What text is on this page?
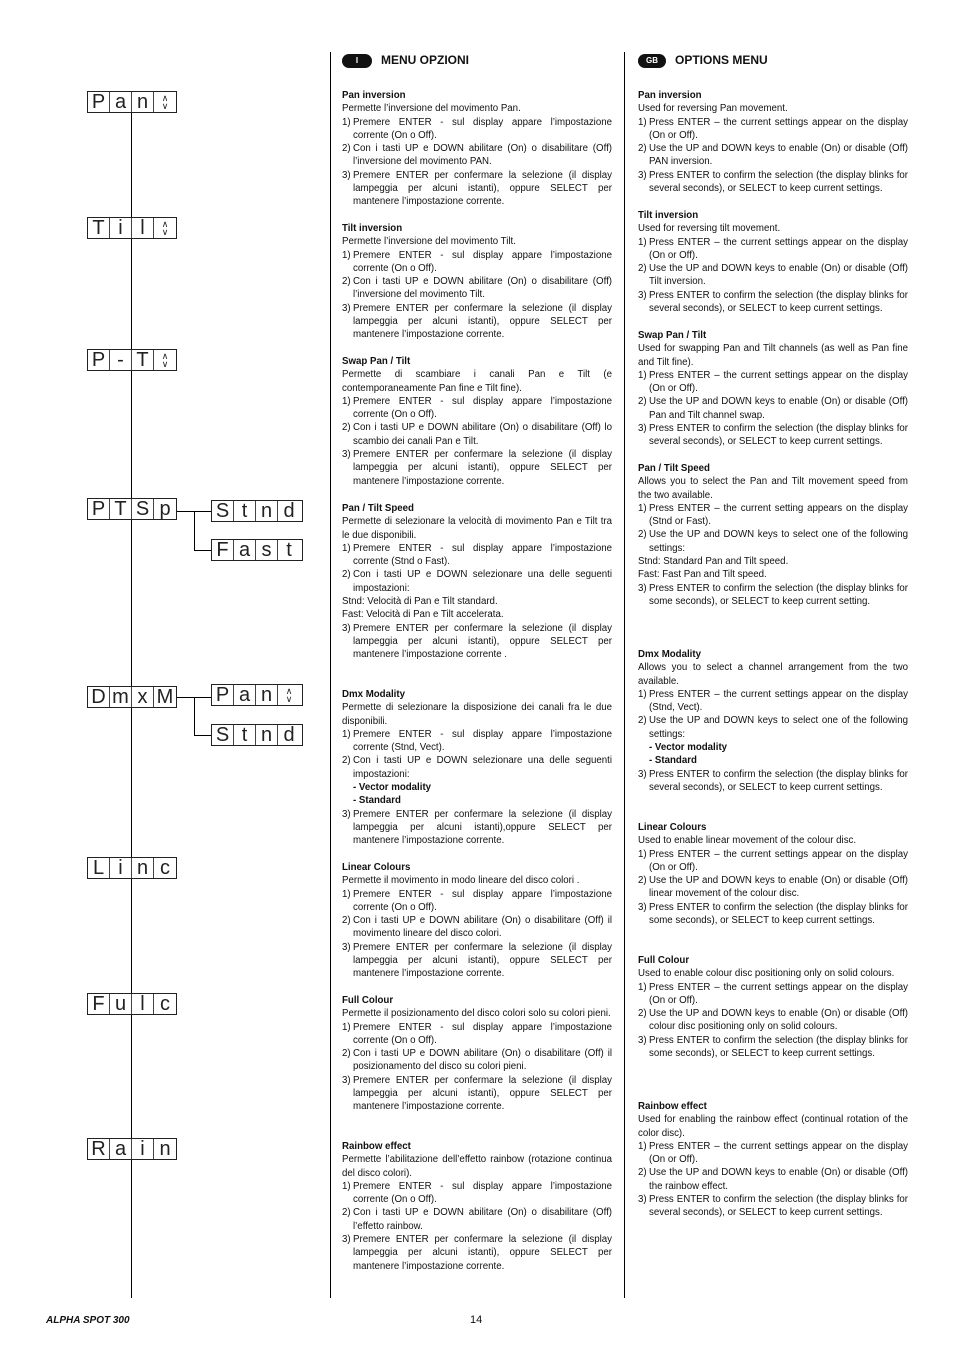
P a n	∧
∨
T i l	∧
∨
P - T	∧
∨
P T S p S t n d
F a s t
D m x M P a n	∧
∨
S t n d
L i n c
F u l c
R a i n
I	MENU OPZIONI
Pan inversion

Permette l’inversione del movimento Pan.

1) Premere ENTER - sul display appare l’impostazione corrente (On o Off).
2) Con i tasti UP e DOWN abilitare (On) o disabilitare (Off) l’inversione del movimento PAN.
3) Premere ENTER per confermare la selezione (il display lampeggia per alcuni istanti), oppure SELECT per mantenere l’impostazione corrente.
Tilt inversion

Permette l’inversione del movimento Tilt.

1) Premere ENTER - sul display appare l’impostazione corrente (On o Off).
2) Con i tasti UP e DOWN abilitare (On) o disabilitare (Off) l’inversione del movimento Tilt.
3) Premere ENTER per confermare la selezione (il display lampeggia per alcuni istanti), oppure SELECT per mantenere l’impostazione corrente.
Swap Pan / Tilt

Permette di scambiare i canali Pan e Tilt (e contemporaneamente Pan fine e Tilt fine).

1) Premere ENTER - sul display appare l’impostazione corrente (On o Off).
2) Con i tasti UP e DOWN abilitare (On) o disabilitare (Off) lo scambio dei canali Pan e Tilt.
3) Premere ENTER per confermare la selezione (il display lampeggia per alcuni istanti), oppure SELECT per mantenere l’impostazione corrente.
Pan / Tilt Speed

Permette di selezionare la velocità di movimento Pan e Tilt tra le due disponibili.

1) Premere ENTER - sul display appare l’impostazione corrente (Stnd o Fast).
2) Con i tasti UP e DOWN selezionare una delle seguenti impostazioni:

Stnd: Velocità di Pan e Tilt standard.

Fast: Velocità di Pan e Tilt accelerata.

3) Premere ENTER per confermare la selezione (il display lampeggia per alcuni istanti), oppure SELECT per mantenere l’impostazione corrente .
Dmx Modality

Permette di selezionare la disposizione dei canali fra le due disponibili.

1) Premere ENTER - sul display appare l’impostazione corrente (Stnd, Vect).
2) Con i tasti UP e DOWN selezionare una delle seguenti impostazioni:
- Vector modality
- Standard
3) Premere ENTER per confermare la selezione (il display lampeggia per alcuni istanti),oppure SELECT per mantenere l’impostazione corrente.
Linear Colours

Permette il movimento in modo lineare del disco colori .

1) Premere ENTER - sul display appare l’impostazione corrente (On o Off).
2) Con i tasti UP e DOWN abilitare (On) o disabilitare (Off) il movimento lineare del disco colori.
3) Premere ENTER per confermare la selezione (il display lampeggia per alcuni istanti), oppure SELECT per mantenere l’impostazione corrente.
Full Colour

Permette il posizionamento del disco colori solo su colori pieni.

1) Premere ENTER - sul display appare l’impostazione corrente (On o Off).
2) Con i tasti UP e DOWN abilitare (On) o disabilitare (Off) il posizionamento del disco su colori pieni.
3) Premere ENTER per confermare la selezione (il display lampeggia per alcuni istanti), oppure SELECT per mantenere l’impostazione corrente.
Rainbow effect

Permette l’abilitazione dell’effetto rainbow (rotazione continua del disco colori).

1) Premere ENTER - sul display appare l’impostazione corrente (On o Off).
2) Con i tasti UP e DOWN abilitare (On) o disabilitare (Off) l’effetto rainbow.
3) Premere ENTER per confermare la selezione (il display lampeggia per alcuni istanti), oppure SELECT per mantenere l’impostazione corrente.
GB	OPTIONS MENU
Pan inversion

Used for reversing Pan movement.

1) Press ENTER – the current settings appear on the display (On or Off).
2) Use the UP and DOWN keys to enable (On) or disable (Off) PAN inversion.
3) Press ENTER to confirm the selection (the display blinks for several seconds), or SELECT to keep current settings.
Tilt inversion

Used for reversing tilt movement.

1) Press ENTER – the current settings appear on the display (On or Off).
2) Use the UP and DOWN keys to enable (On) or disable (Off) Tilt inversion.
3) Press ENTER to confirm the selection (the display blinks for several seconds), or SELECT to keep current settings.
Swap Pan / Tilt

Used for swapping Pan and Tilt channels (as well as Pan fine and Tilt fine).

1) Press ENTER – the current settings appear on the display (On or Off).
2) Use the UP and DOWN keys to enable (On) or disable (Off) Pan and Tilt channel swap.
3) Press ENTER to confirm the selection (the display blinks for several seconds), or SELECT to keep current settings.
Pan / Tilt Speed

Allows you to select the Pan and Tilt movement speed from the two available.

1) Press ENTER – the current setting appears on the display (Stnd or Fast).
2) Use the UP and DOWN keys to select one of the following settings:

Stnd: Standard Pan and Tilt speed.

Fast: Fast Pan and Tilt speed.

3) Press ENTER to confirm the selection (the display blinks for some seconds), or SELECT to keep current setting.
Dmx Modality

Allows you to select a channel arrangement from the two available.

1) Press ENTER – the current settings appear on the display (Stnd, Vect).
2) Use the UP and DOWN keys to select one of the following settings:
- Vector modality
- Standard
3) Press ENTER to confirm the selection (the display blinks for several seconds), or SELECT to keep current settings.
Linear Colours

Used to enable linear movement of the colour disc.

1) Press ENTER – the current settings appear on the display (On or Off).
2) Use the UP and DOWN keys to enable (On) or disable (Off) linear movement of the colour disc.
3) Press ENTER to confirm the selection (the display blinks for some seconds), or SELECT to keep current settings.
Full Colour

Used to enable colour disc positioning only on solid colours.

1) Press ENTER – the current settings appear on the display (On or Off).
2) Use the UP and DOWN keys to enable (On) or disable (Off) colour disc positioning only on solid colours.
3) Press ENTER to confirm the selection (the display blinks for some seconds), or SELECT to keep current settings.
Rainbow effect

Used for enabling the rainbow effect (continual rotation of the color disc).

1) Press ENTER – the current settings appear on the display (On or Off).
2) Use the UP and DOWN keys to enable (On) or disable (Off) the rainbow effect.
3) Press ENTER to confirm the selection (the display blinks for several seconds), or SELECT to keep current settings.
ALPHA SPOT 300	14
